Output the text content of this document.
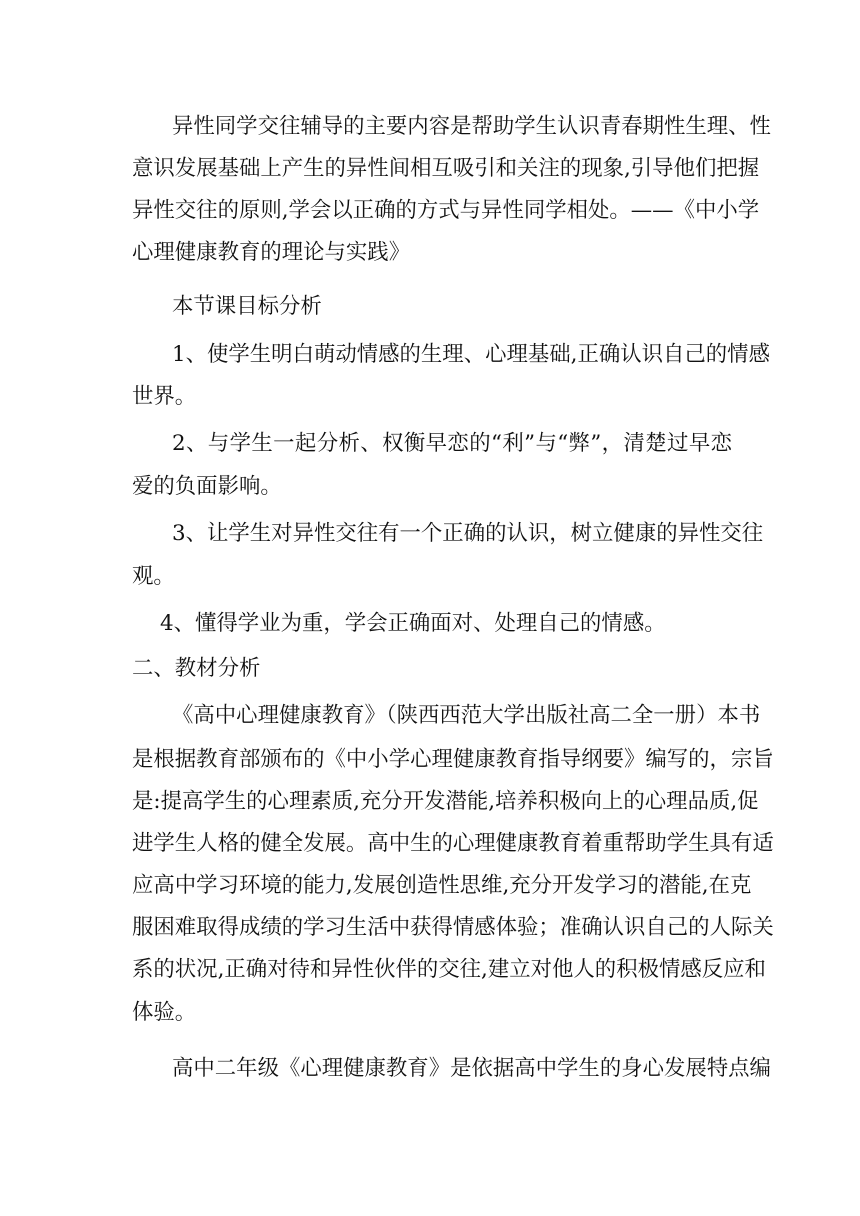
异性同学交往辅导的主要内容是帮助学生认识青春期性生理、性
意识发展基础上产生的异性间相互吸引和关注的现象,引导他们把握
异性交往的原则,学会以正确的方式与异性同学相处。——《中小学
心理健康教育的理论与实践》
本节课目标分析
1、使学生明白萌动情感的生理、心理基础,正确认识自己的情感
世界。
2、与学生一起分析、权衡早恋的“利”与“弊”，清楚过早恋
爱的负面影响。
3、让学生对异性交往有一个正确的认识，树立健康的异性交往
观。
4、懂得学业为重，学会正确面对、处理自己的情感。
二、教材分析
《高中心理健康教育》（陕西西范大学出版社高二全一册）本书
是根据教育部颁布的《中小学心理健康教育指导纲要》编写的，宗旨
是:提高学生的心理素质,充分开发潜能,培养积极向上的心理品质,促
进学生人格的健全发展。高中生的心理健康教育着重帮助学生具有适
应高中学习环境的能力,发展创造性思维,充分开发学习的潜能,在克
服困难取得成绩的学习生活中获得情感体验；准确认识自己的人际关
系的状况,正确对待和异性伙伴的交往,建立对他人的积极情感反应和
体验。
高中二年级《心理健康教育》是依据高中学生的身心发展特点编
